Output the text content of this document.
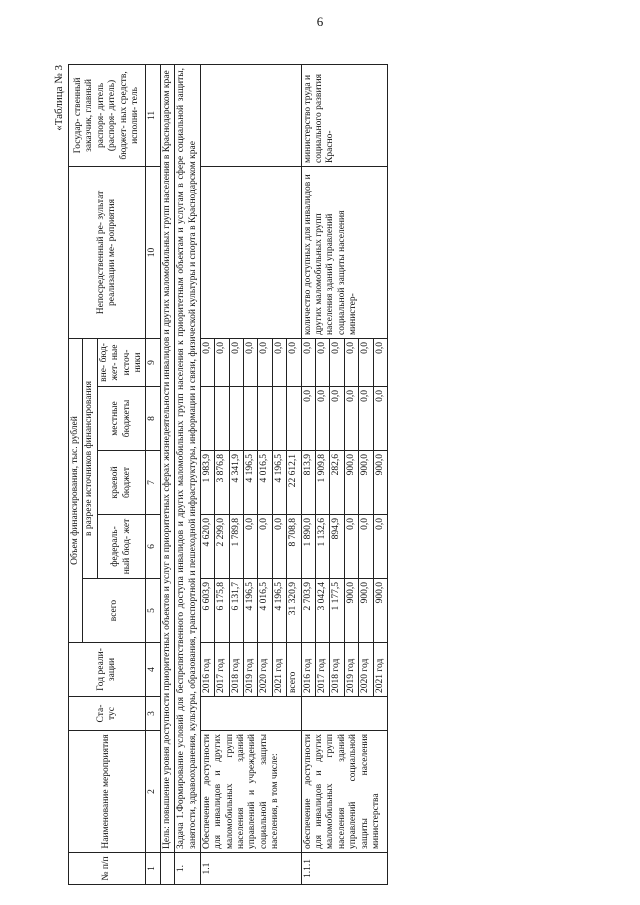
6
«Таблица № 3
№ п/п	Наименование мероприятия	Ста- тус	Год реали- зации	Объем финансирования, тыс. рублей					Непосредственный ре- зультат реализации ме- роприятия	Государ- ственный заказчик, главный распоря- дитель (распоря- дитель) бюджет- ных средств, исполни- тель
				всего	в разрезе источников финансирования					
					федераль- ный бюд- жет	краевой бюджет	местные бюджеты	вне- бюд- жет- ные источ- ники		
1	2	3	4	5	6	7	8	9	10	11
	Цель: повышение уровня доступности приоритетных объектов и услуг в приоритетных сферах жизнедеятельности инвалидов и других маломобильных групп населения в Краснодарском крае									
1.	Задача 1.Формирование условий для беспрепятственного доступа инвалидов и других маломобильных групп населения к приоритетным объектам и услугам в сфере социальной защиты, занятости, здравоохранения, культуры, образования, транспортной и пешеходной инфраструктуры, информации и связи, физической культуры и спорта в Краснодарском крае									
1.1	Обеспечение доступности для инвалидов и других маломобильных групп населения зданий управлений и учреждений социальной защиты населения, в том числе:		2016 год	6 603,9	4 620,0	1 983,9		0,0		
			2017 год	6 175,8	2 299,0	3 876,8		0,0		
			2018 год	6 131,7	1 789,8	4 341,9		0,0		
			2019 год	4 196,5	0,0	4 196,5		0,0		
			2020 год	4 016,5	0,0	4 016,5		0,0		
			2021 год	4 196,5	0,0	4 196,5		0,0		
			всего	31 320,9	8 708,8	22 612,1		0,0		
1.1.1	обеспечение доступности для инвалидов и других маломобильных групп населения зданий управлений социальной защиты населения министерства		2016 год	2 703,9	1 890,0	813,9	0,0	0,0	количество доступных для инвалидов и других маломобильных групп населения зданий управлений социальной защиты населения министер-	министерство труда и социального развития Красно-
			2017 год	3 042,4	1 132,6	1 909,8	0,0	0,0		
			2018 год	1 177,5	894,9	282,6	0,0	0,0		
			2019 год	900,0	0,0	900,0	0,0	0,0		
			2020 год	900,0	0,0	900,0	0,0	0,0		
			2021 год	900,0	0,0	900,0	0,0	0,0		
